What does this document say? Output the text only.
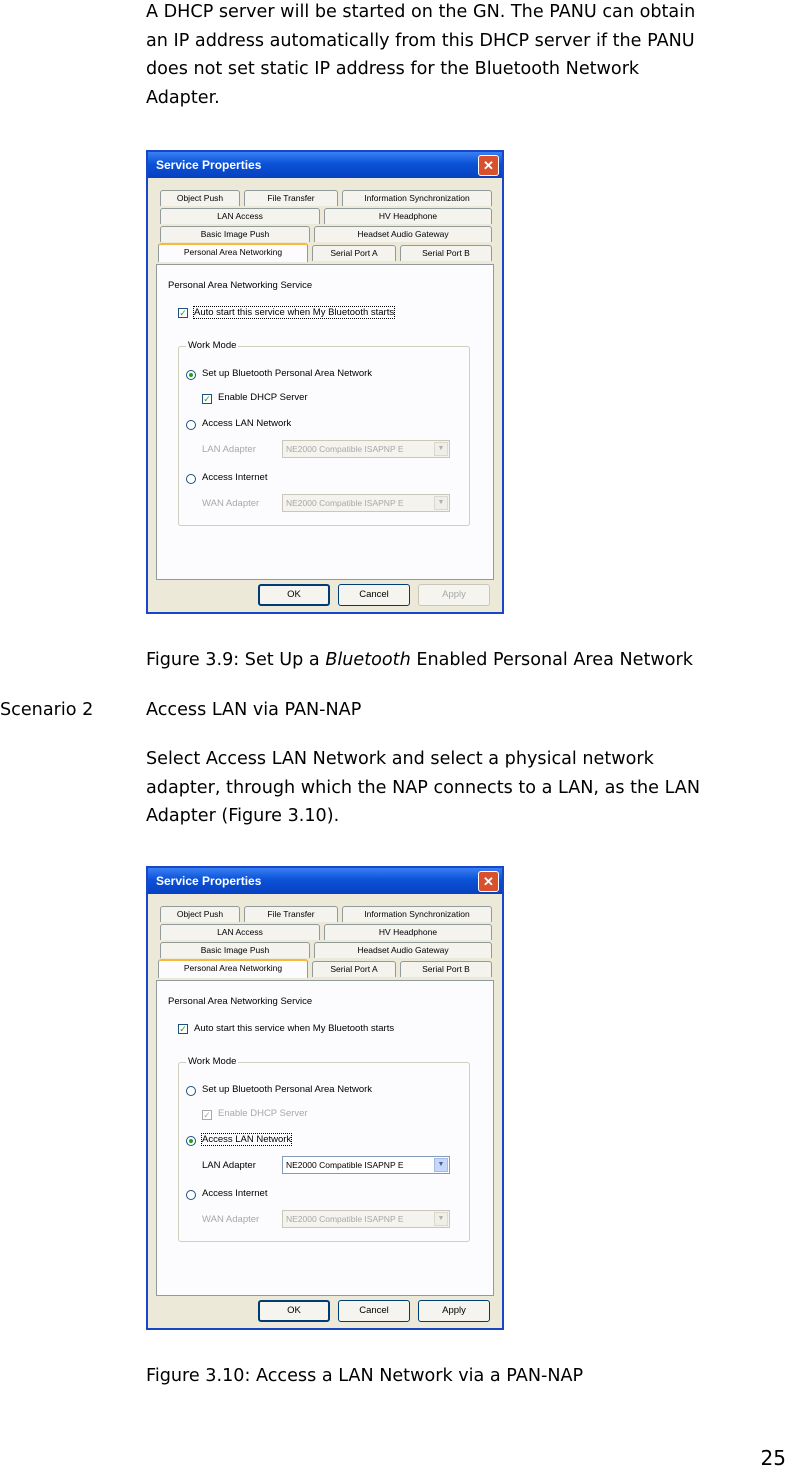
A DHCP server will be started on the GN. The PANU can obtain
an IP address automatically from this DHCP server if the PANU
does not set static IP address for the Bluetooth Network
Adapter.

Service Properties	✕
Object Push	File Transfer	Information Synchronization
LAN Access	HV Headphone
Basic Image Push	Headset Audio Gateway
Personal Area Networking	Serial Port A	Serial Port B
Personal Area Networking Service
✓ Auto start this service when My Bluetooth starts
Work Mode
Set up Bluetooth Personal Area Network
✓ Enable DHCP Server
Access LAN Network
LAN Adapter	NE2000 Compatible ISAPNP E	▼
Access Internet
WAN Adapter	NE2000 Compatible ISAPNP E	▼
OK	Cancel	Apply

Figure 3.9: Set Up a Bluetooth Enabled Personal Area Network

Scenario 2	Access LAN via PAN-NAP

Select Access LAN Network and select a physical network
adapter, through which the NAP connects to a LAN, as the LAN
Adapter (Figure 3.10).

Service Properties	✕
Object Push	File Transfer	Information Synchronization
LAN Access	HV Headphone
Basic Image Push	Headset Audio Gateway
Personal Area Networking	Serial Port A	Serial Port B
Personal Area Networking Service
✓ Auto start this service when My Bluetooth starts
Work Mode
Set up Bluetooth Personal Area Network
✓ Enable DHCP Server
Access LAN Network
LAN Adapter	NE2000 Compatible ISAPNP E	▼
Access Internet
WAN Adapter	NE2000 Compatible ISAPNP E	▼
OK	Cancel	Apply

Figure 3.10: Access a LAN Network via a PAN-NAP

25
